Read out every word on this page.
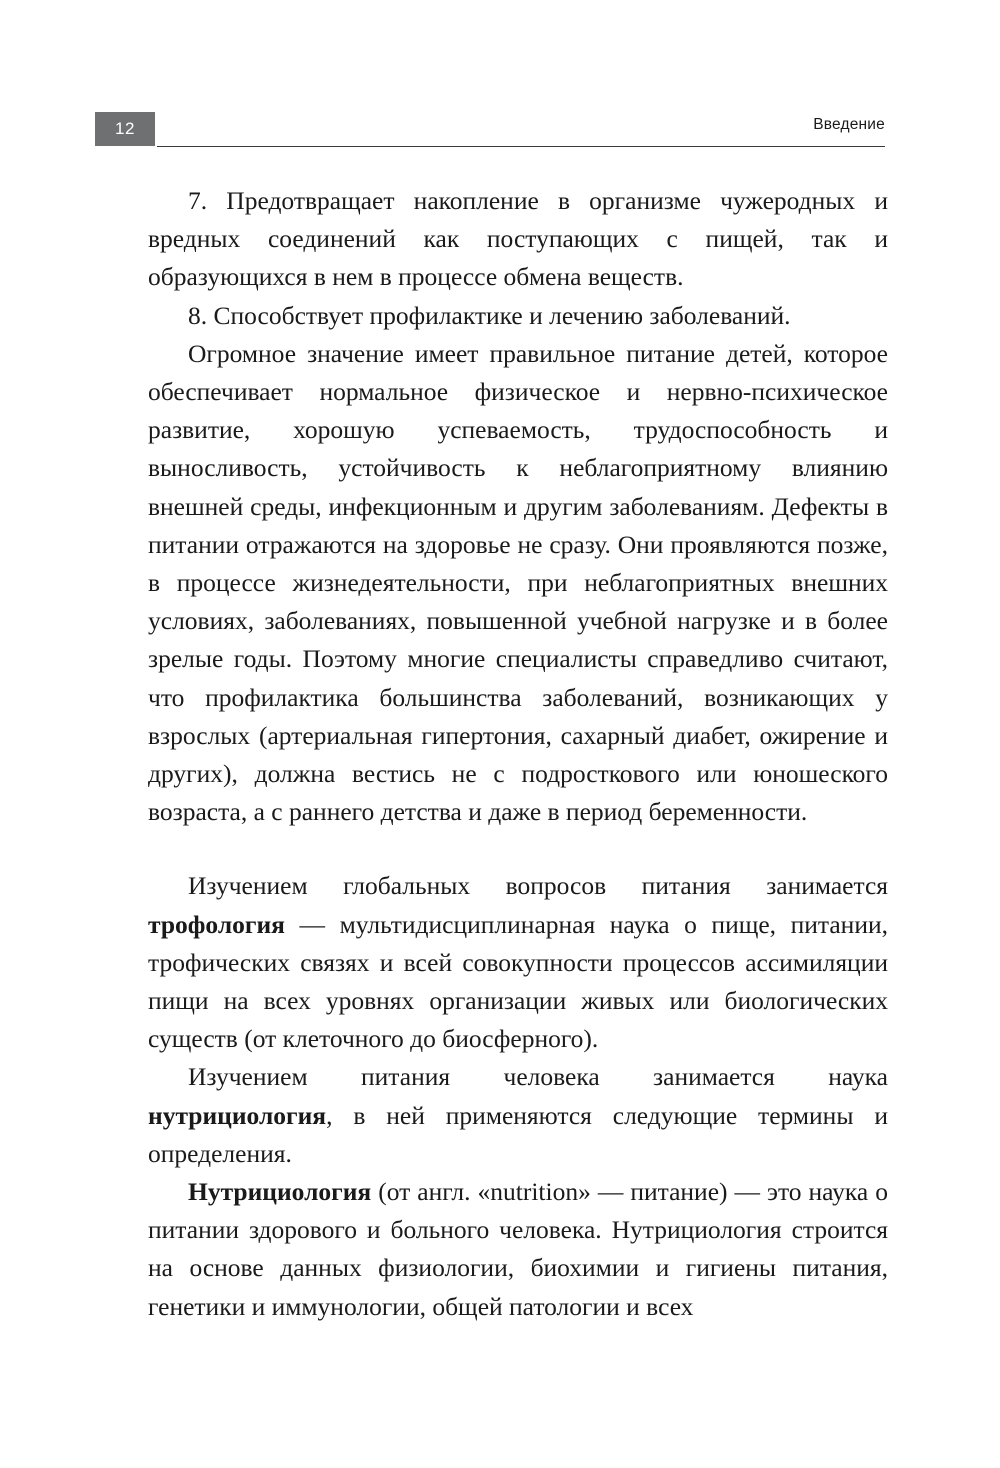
12	Введение

7. Предотвращает накопление в организме чужеродных и вредных соединений как поступающих с пищей, так и образующихся в нем в процессе обмена веществ.

8. Способствует профилактике и лечению заболеваний.

Огромное значение имеет правильное питание детей, которое обеспечивает нормальное физическое и нервно-психическое развитие, хорошую успеваемость, трудоспособность и выносливость, устойчивость к неблагоприятному влиянию внешней среды, инфекционным и другим заболеваниям. Дефекты в питании отражаются на здоровье не сразу. Они проявляются позже, в процессе жизнедеятельности, при неблагоприятных внешних условиях, заболеваниях, повышенной учебной нагрузке и в более зрелые годы. Поэтому многие специалисты справедливо считают, что профилактика большинства заболеваний, возникающих у взрослых (артериальная гипертония, сахарный диабет, ожирение и других), должна вестись не с подросткового или юношеского возраста, а с раннего детства и даже в период беременности.

Изучением глобальных вопросов питания занимается трофология — мультидисциплинарная наука о пище, питании, трофических связях и всей совокупности процессов ассимиляции пищи на всех уровнях организации живых или биологических существ (от клеточного до биосферного).

Изучением питания человека занимается наука нутрициология, в ней применяются следующие термины и определения.

Нутрициология (от англ. «nutrition» — питание) — это наука о питании здорового и больного человека. Нутрициология строится на основе данных физиологии, биохимии и гигиены питания, генетики и иммунологии, общей патологии и всех
